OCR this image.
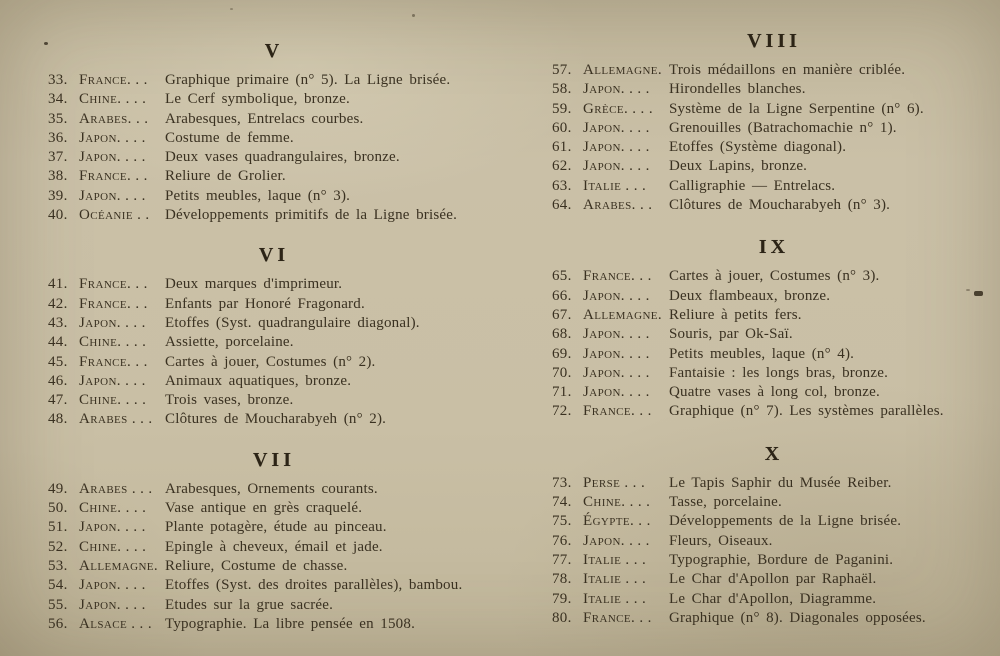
V
33. France. . .	Graphique primaire (n° 5). La Ligne brisée.
34. Chine. . . .	Le Cerf symbolique, bronze.
35. Arabes. . .	Arabesques, Entrelacs courbes.
36. Japon. . . .	Costume de femme.
37. Japon. . . .	Deux vases quadrangulaires, bronze.
38. France. . .	Reliure de Grolier.
39. Japon. . . .	Petits meubles, laque (n° 3).
40. Océanie . .	Développements primitifs de la Ligne brisée.
VI
41. France. . .	Deux marques d'imprimeur.
42. France. . .	Enfants par Honoré Fragonard.
43. Japon. . . .	Etoffes (Syst. quadrangulaire diagonal).
44. Chine. . . .	Assiette, porcelaine.
45. France. . .	Cartes à jouer, Costumes (n° 2).
46. Japon. . . .	Animaux aquatiques, bronze.
47. Chine. . . .	Trois vases, bronze.
48. Arabes . . . Clôtures de Moucharabyeh (n° 2).
VII
49. Arabes . . . Arabesques, Ornements courants.
50. Chine. . . .	Vase antique en grès craquelé.
51. Japon. . . .	Plante potagère, étude au pinceau.
52. Chine. . . .	Epingle à cheveux, émail et jade.
53. Allemagne. Reliure, Costume de chasse.
54. Japon. . . .	Etoffes (Syst. des droites parallèles), bambou.
55. Japon. . . .	Etudes sur la grue sacrée.
56. Alsace . . . Typographie. La libre pensée en 1508.
VIII
57. Allemagne. Trois médaillons en manière criblée.
58. Japon. . . .	Hirondelles blanches.
59. Grèce. . . .	Système de la Ligne Serpentine (n° 6).
60. Japon. . . .	Grenouilles (Batrachomachie n° 1).
61. Japon. . . .	Etoffes (Système diagonal).
62. Japon. . . .	Deux Lapins, bronze.
63. Italie . . .	Calligraphie — Entrelacs.
64. Arabes. . .	Clôtures de Moucharabyeh (n° 3).
IX
65. France. . .	Cartes à jouer, Costumes (n° 3).
66. Japon. . . .	Deux flambeaux, bronze.
67. Allemagne. Reliure à petits fers.
68. Japon. . . .	Souris, par Ok-Saï.
69. Japon. . . .	Petits meubles, laque (n° 4).
70. Japon. . . .	Fantaisie : les longs bras, bronze.
71. Japon. . . .	Quatre vases à long col, bronze.
72. France. . .	Graphique (n° 7). Les systèmes parallèles.
X
73. Perse . . .	Le Tapis Saphir du Musée Reiber.
74. Chine. . . .	Tasse, porcelaine.
75. Égypte. . .	Développements de la Ligne brisée.
76. Japon. . . .	Fleurs, Oiseaux.
77. Italie . . .	Typographie, Bordure de Paganini.
78. Italie . . .	Le Char d'Apollon par Raphaël.
79. Italie . . .	Le Char d'Apollon, Diagramme.
80. France. . .	Graphique (n° 8). Diagonales opposées.
